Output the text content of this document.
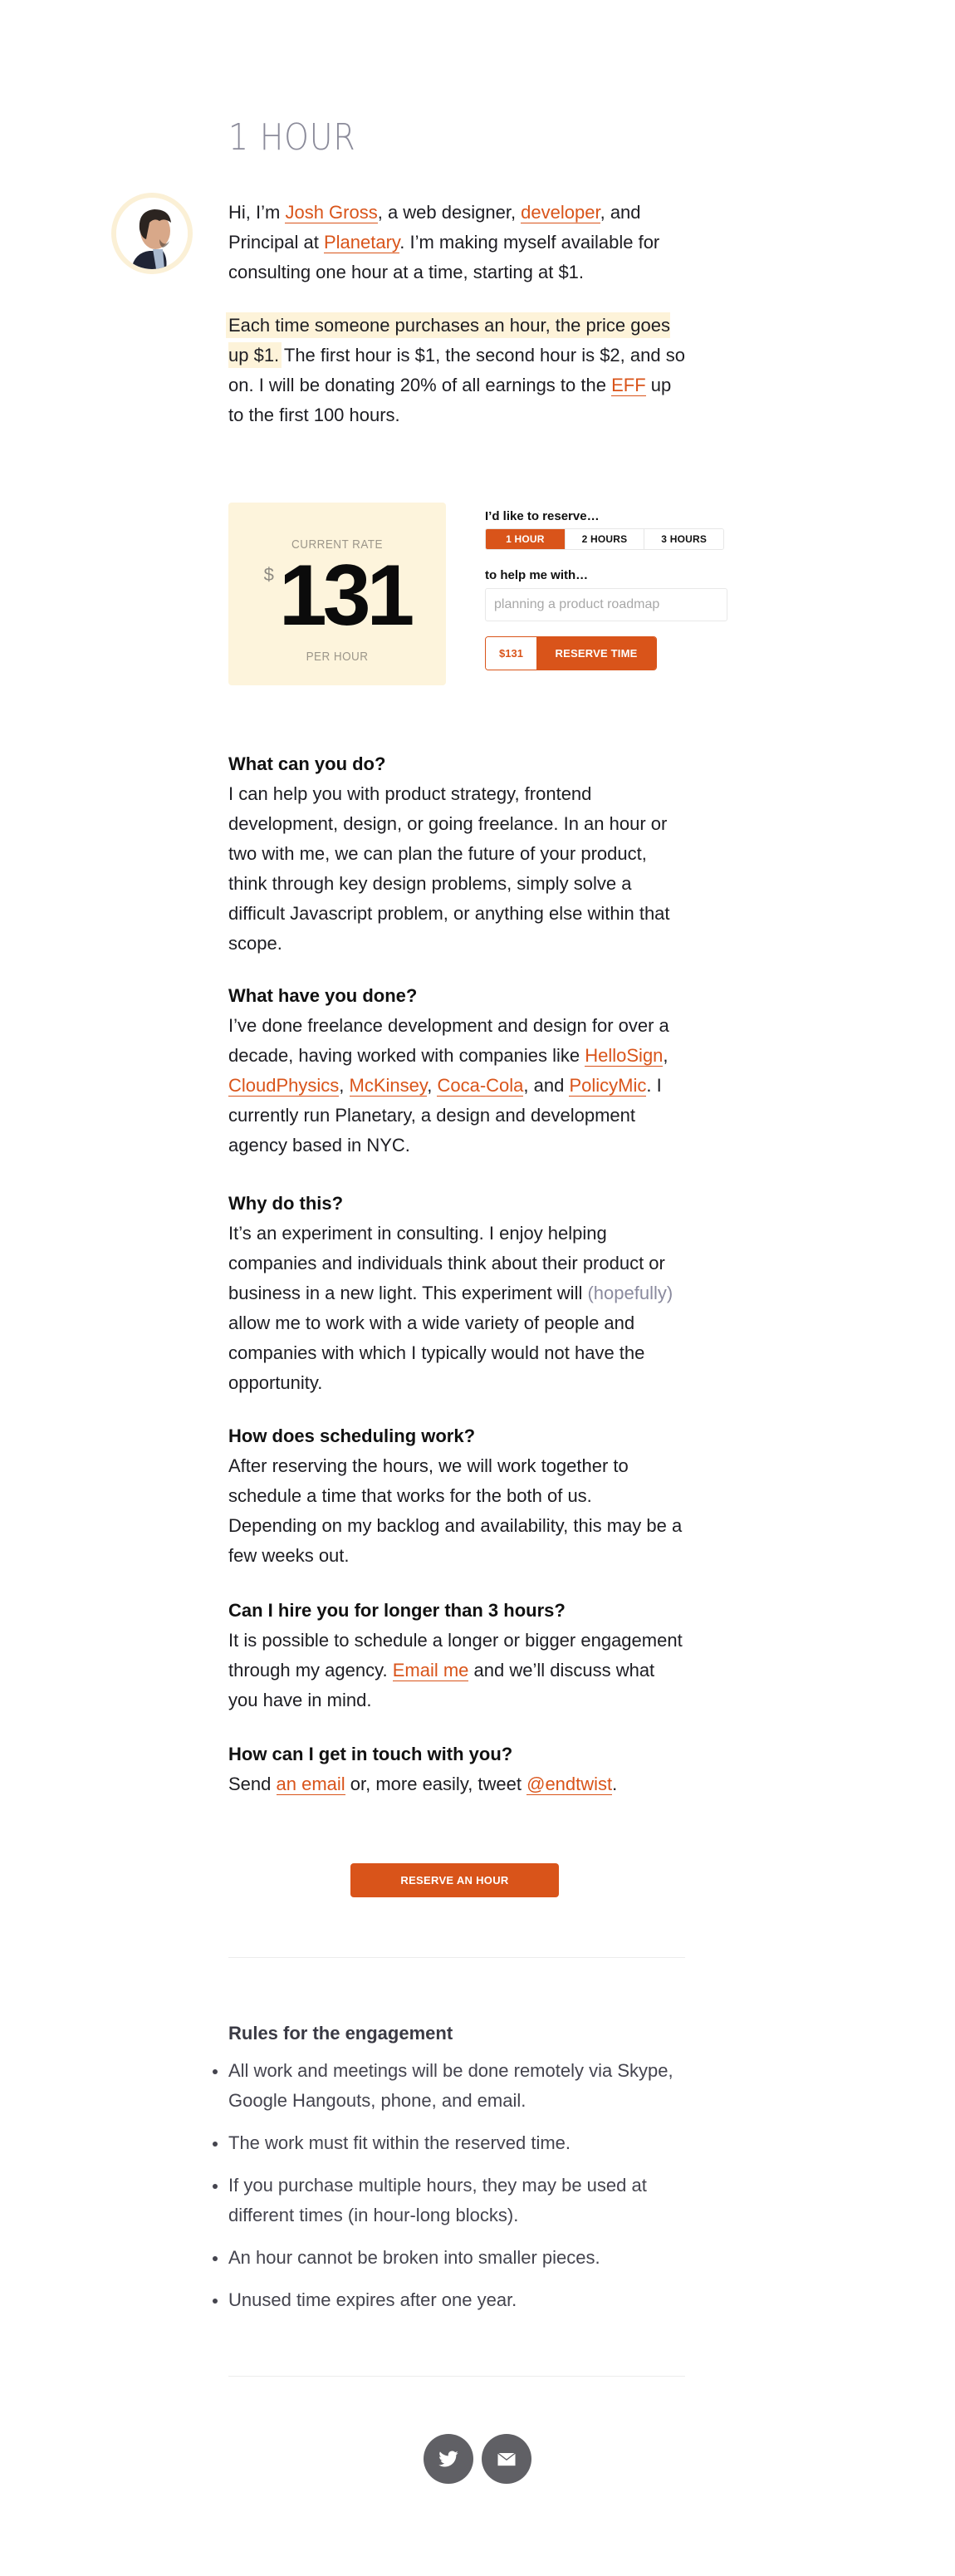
1 HOUR

Hi, I’m Josh Gross, a web designer, developer, and Principal at Planetary. I’m making myself available for consulting one hour at a time, starting at $1.

Each time someone purchases an hour, the price goes up $1. The first hour is $1, the second hour is $2, and so on. I will be donating 20% of all earnings to the EFF up to the first 100 hours.

CURRENT RATE
$ 131
PER HOUR
I’d like to reserve…
1 HOUR	2 HOURS	3 HOURS
to help me with…
planning a product roadmap
$131	RESERVE TIME
What can you do?

I can help you with product strategy, frontend development, design, or going freelance. In an hour or two with me, we can plan the future of your product, think through key design problems, simply solve a difficult Javascript problem, or anything else within that scope.

What have you done?

I’ve done freelance development and design for over a decade, having worked with companies like HelloSign, CloudPhysics, McKinsey, Coca-Cola, and PolicyMic. I currently run Planetary, a design and development agency based in NYC.

Why do this?

It’s an experiment in consulting. I enjoy helping companies and individuals think about their product or business in a new light. This experiment will (hopefully) allow me to work with a wide variety of people and companies with which I typically would not have the opportunity.

How does scheduling work?

After reserving the hours, we will work together to schedule a time that works for the both of us. Depending on my backlog and availability, this may be a few weeks out.

Can I hire you for longer than 3 hours?

It is possible to schedule a longer or bigger engagement through my agency. Email me and we’ll discuss what you have in mind.

How can I get in touch with you?

Send an email or, more easily, tweet @endtwist.

RESERVE AN HOUR
Rules for the engagement
All work and meetings will be done remotely via Skype, Google Hangouts, phone, and email.
The work must fit within the reserved time.
If you purchase multiple hours, they may be used at different times (in hour-long blocks).
An hour cannot be broken into smaller pieces.
Unused time expires after one year.
